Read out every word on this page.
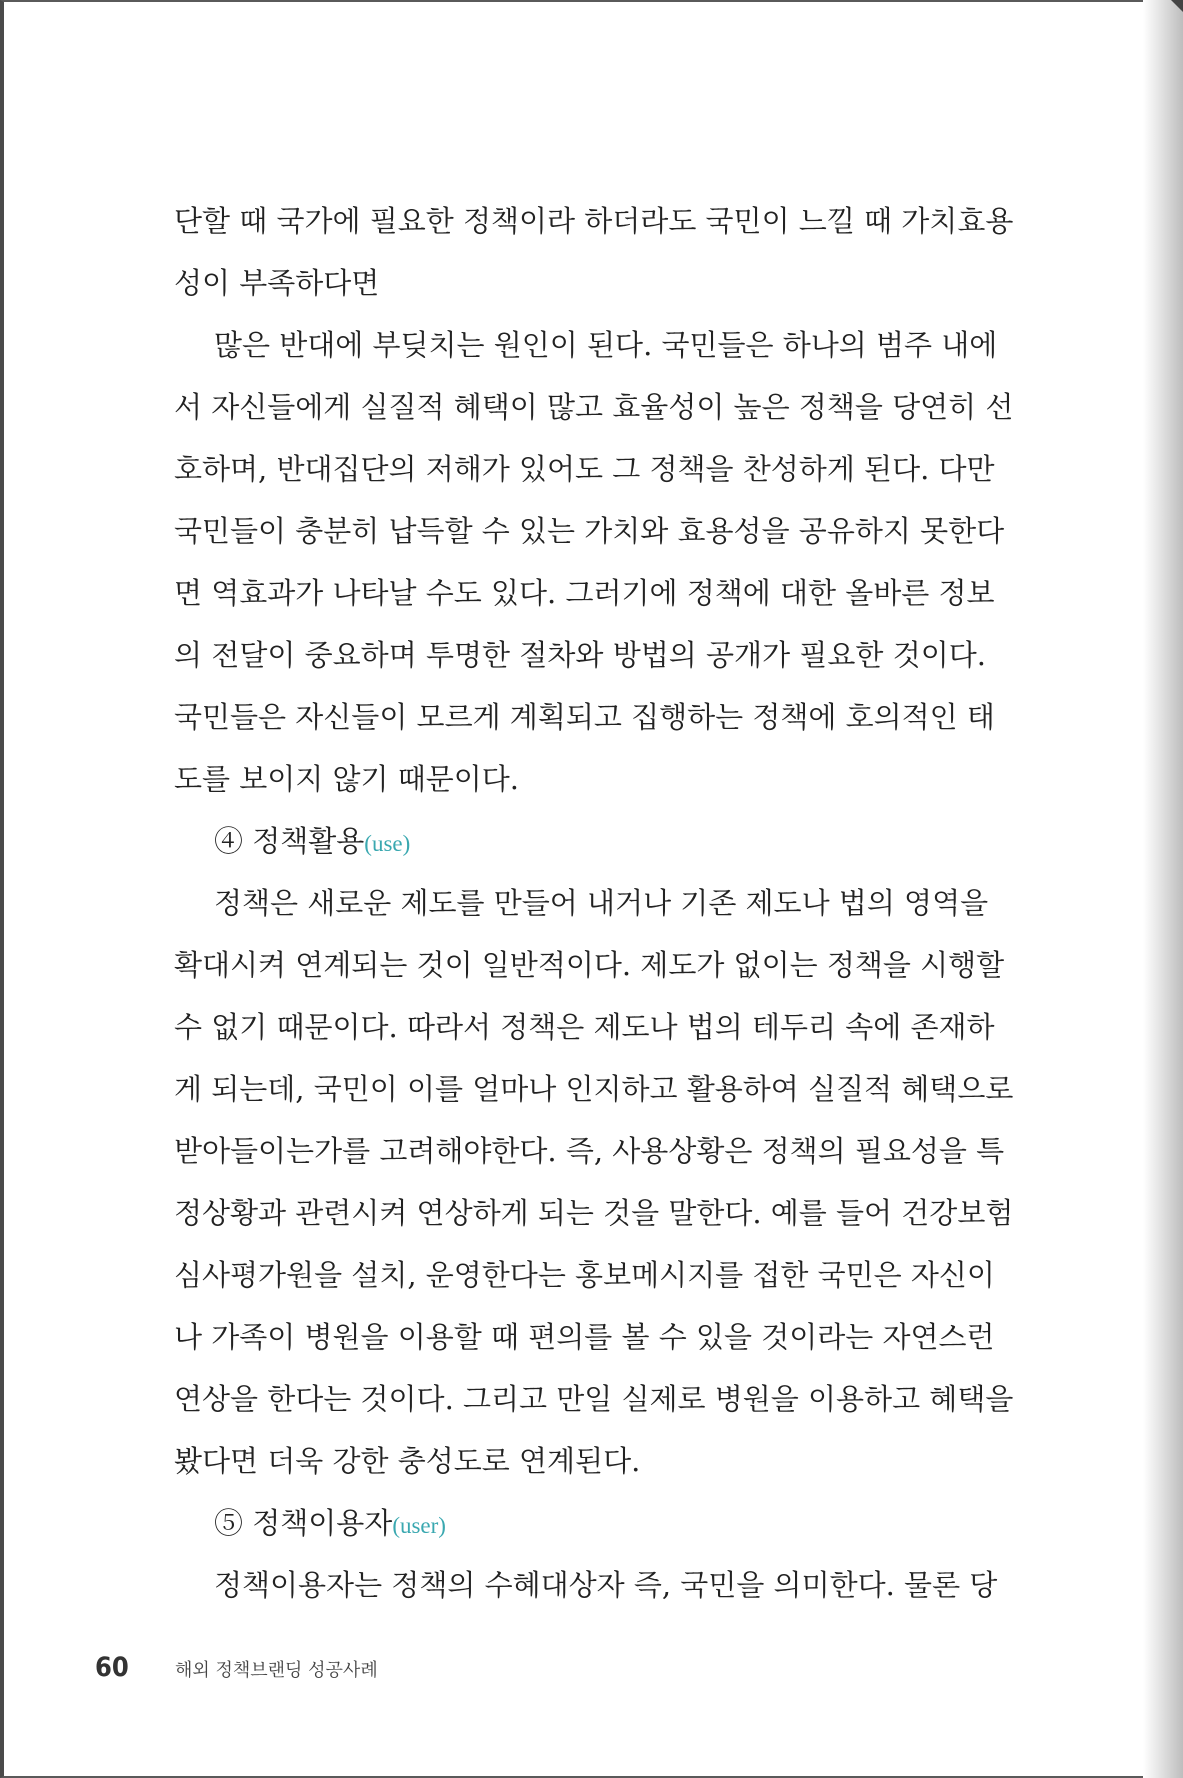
단할 때 국가에 필요한 정책이라 하더라도 국민이 느낄 때 가치효용
성이 부족하다면
많은 반대에 부딪치는 원인이 된다. 국민들은 하나의 범주 내에
서 자신들에게 실질적 혜택이 많고 효율성이 높은 정책을 당연히 선
호하며, 반대집단의 저해가 있어도 그 정책을 찬성하게 된다. 다만
국민들이 충분히 납득할 수 있는 가치와 효용성을 공유하지 못한다
면 역효과가 나타날 수도 있다. 그러기에 정책에 대한 올바른 정보
의 전달이 중요하며 투명한 절차와 방법의 공개가 필요한 것이다.
국민들은 자신들이 모르게 계획되고 집행하는 정책에 호의적인 태
도를 보이지 않기 때문이다.
④ 정책활용(use)
정책은 새로운 제도를 만들어 내거나 기존 제도나 법의 영역을
확대시켜 연계되는 것이 일반적이다. 제도가 없이는 정책을 시행할
수 없기 때문이다. 따라서 정책은 제도나 법의 테두리 속에 존재하
게 되는데, 국민이 이를 얼마나 인지하고 활용하여 실질적 혜택으로
받아들이는가를 고려해야한다. 즉, 사용상황은 정책의 필요성을 특
정상황과 관련시켜 연상하게 되는 것을 말한다. 예를 들어 건강보험
심사평가원을 설치, 운영한다는 홍보메시지를 접한 국민은 자신이
나 가족이 병원을 이용할 때 편의를 볼 수 있을 것이라는 자연스런
연상을 한다는 것이다. 그리고 만일 실제로 병원을 이용하고 혜택을
봤다면 더욱 강한 충성도로 연계된다.
⑤ 정책이용자(user)
정책이용자는 정책의 수혜대상자 즉, 국민을 의미한다. 물론 당
60	해외 정책브랜딩 성공사례
